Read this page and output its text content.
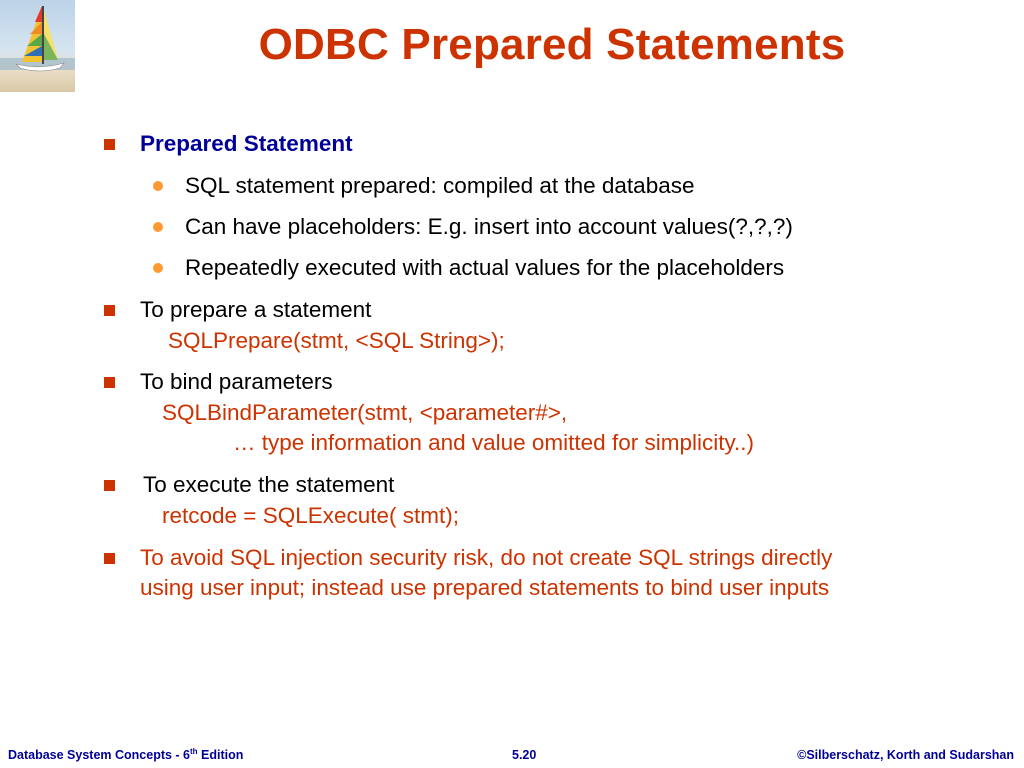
ODBC Prepared Statements
Prepared Statement
SQL statement prepared: compiled at the database
Can have placeholders: E.g. insert into account values(?,?,?)
Repeatedly executed with actual values for the placeholders
To prepare a statement
SQLPrepare(stmt, <SQL String>);
To bind parameters
SQLBindParameter(stmt, <parameter#>,
… type information and value omitted for simplicity..)
To execute the statement
retcode = SQLExecute( stmt);
To avoid SQL injection security risk, do not create SQL strings directly
using user input; instead use prepared statements to bind user inputs
Database System Concepts - 6th Edition	5.20	©Silberschatz, Korth and Sudarshan
